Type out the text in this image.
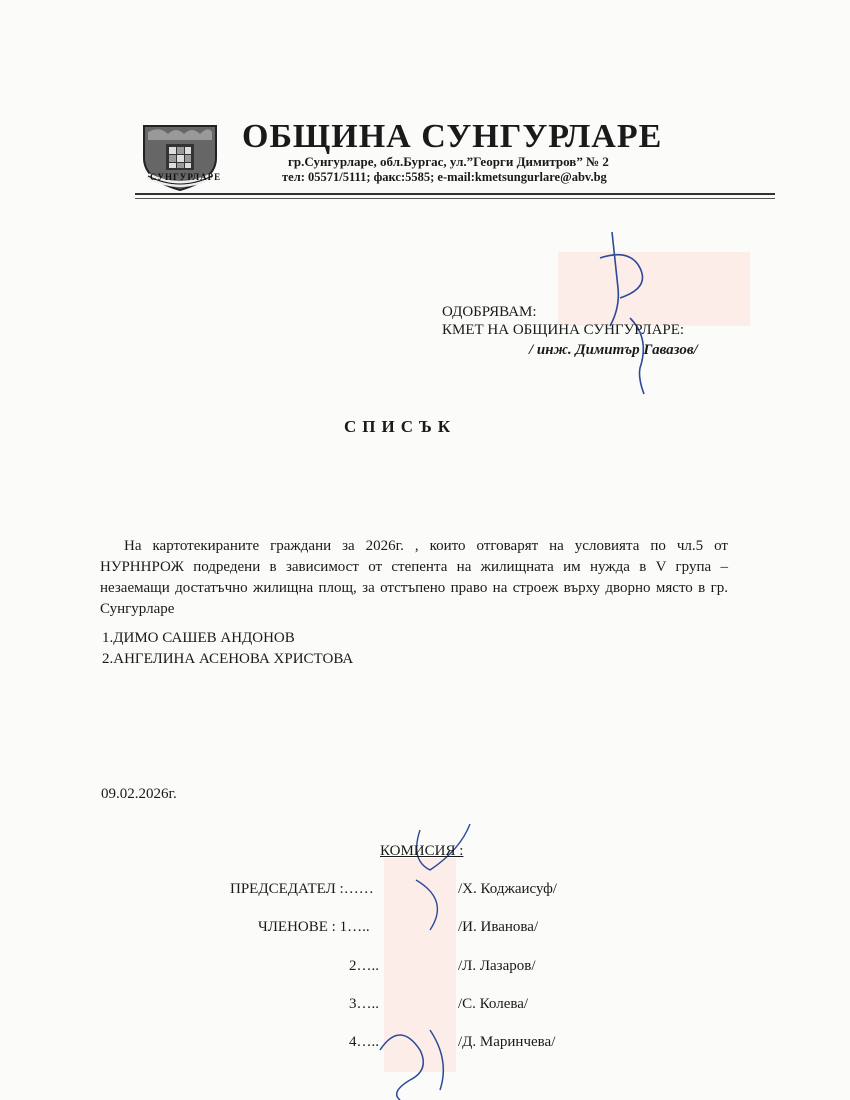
СУНГУРЛАРЕ
ОБЩИНА СУНГУРЛАРЕ
гр.Сунгурларе, обл.Бургас, ул.”Георги Димитров” № 2
тел: 05571/5111; факс:5585; e-mail:kmetsungurlare@abv.bg
ОДОБРЯВАМ:
КМЕТ НА ОБЩИНА СУНГУРЛАРЕ:
/ инж. Димитър Гавазов/
СПИСЪК

На картотекираните граждани за 2026г. , които отговарят на условията по чл.5 от НУРННРОЖ подредени в зависимост от степента на жилищната им нужда в V група – незаемащи достатъчно жилищна площ, за отстъпено право на строеж върху дворно място в гр. Сунгурларе

1.ДИМО САШЕВ АНДОНОВ
2.АНГЕЛИНА АСЕНОВА ХРИСТОВА
09.02.2026г.
КОМИСИЯ :
ПРЕДСЕДАТЕЛ :……	/Х. Коджаисуф/
ЧЛЕНОВЕ : 1…..	/И. Иванова/
2…..	/Л. Лазаров/
3…..	/С. Колева/
4…..	/Д. Маринчева/
